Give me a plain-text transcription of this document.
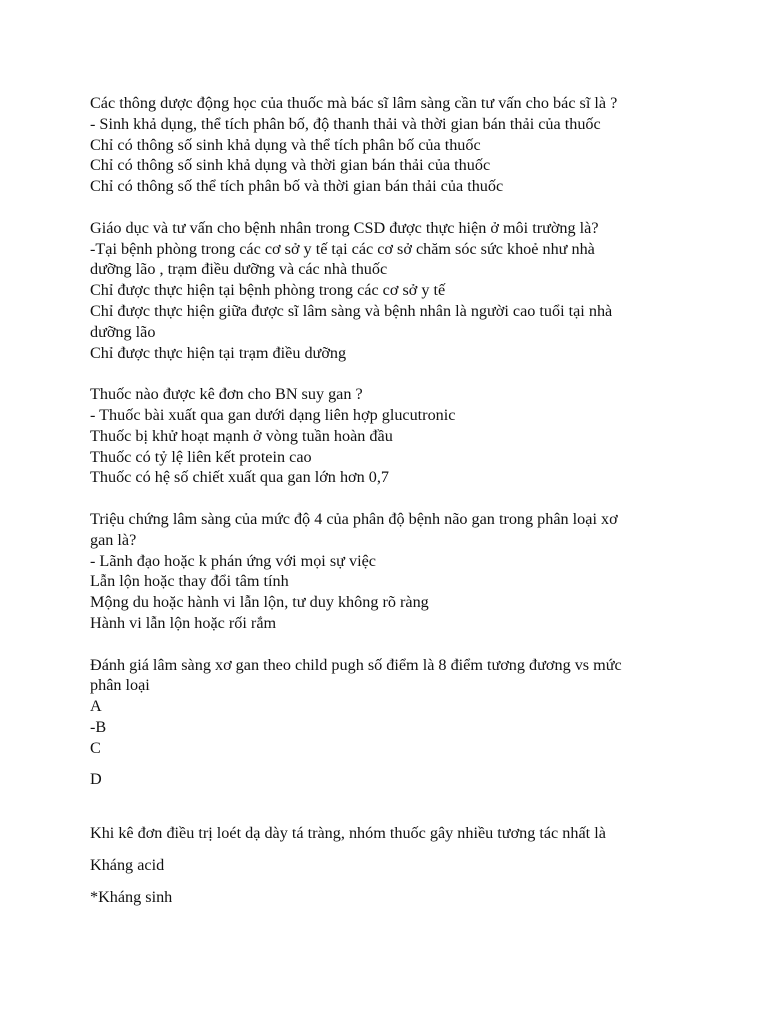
Các thông dược động học của thuốc mà bác sĩ lâm sàng cần tư vấn cho bác sĩ là ?
- Sinh khả dụng, thể tích phân bố, độ thanh thải và thời gian bán thải của thuốc
Chỉ có thông số sinh khả dụng và thể tích phân bố của thuốc
Chỉ có thông số sinh khả dụng và thời gian bán thải của thuốc
Chỉ có thông số thể tích phân bố và thời gian bán thải của thuốc
Giáo dục và tư vấn cho bệnh nhân trong CSD được thực hiện ở môi trường là?
-Tại bệnh phòng trong các cơ sở y tế tại các cơ sở chăm sóc sức khoẻ như nhà
dưỡng lão , trạm điều dưỡng và các nhà thuốc
Chỉ được thực hiện tại bệnh phòng trong các cơ sở y tế
Chỉ được thực hiện giữa được sĩ lâm sàng và bệnh nhân là người cao tuổi tại nhà
dưỡng lão
Chỉ được thực hiện tại trạm điều dưỡng
Thuốc nào được kê đơn cho BN suy gan ?
- Thuốc bài xuất qua gan dưới dạng liên hợp glucutronic
Thuốc bị khử hoạt mạnh ở vòng tuần hoàn đầu
Thuốc có tỷ lệ liên kết protein cao
Thuốc có hệ số chiết xuất qua gan lớn hơn 0,7
Triệu chứng lâm sàng của mức độ 4 của phân độ bệnh não gan trong phân loại xơ
gan là?
- Lãnh đạo hoặc k phán ứng với mọi sự việc
Lẫn lộn hoặc thay đổi tâm tính
Mộng du hoặc hành vi lẫn lộn, tư duy không rõ ràng
Hành vi lẫn lộn hoặc rối rắm
Đánh giá lâm sàng xơ gan theo child pugh số điểm là 8 điểm tương đương vs mức
phân loại
A
-B
C
D
Khi kê đơn điều trị loét dạ dày tá tràng, nhóm thuốc gây nhiều tương tác nhất là
Kháng acid
*Kháng sinh
